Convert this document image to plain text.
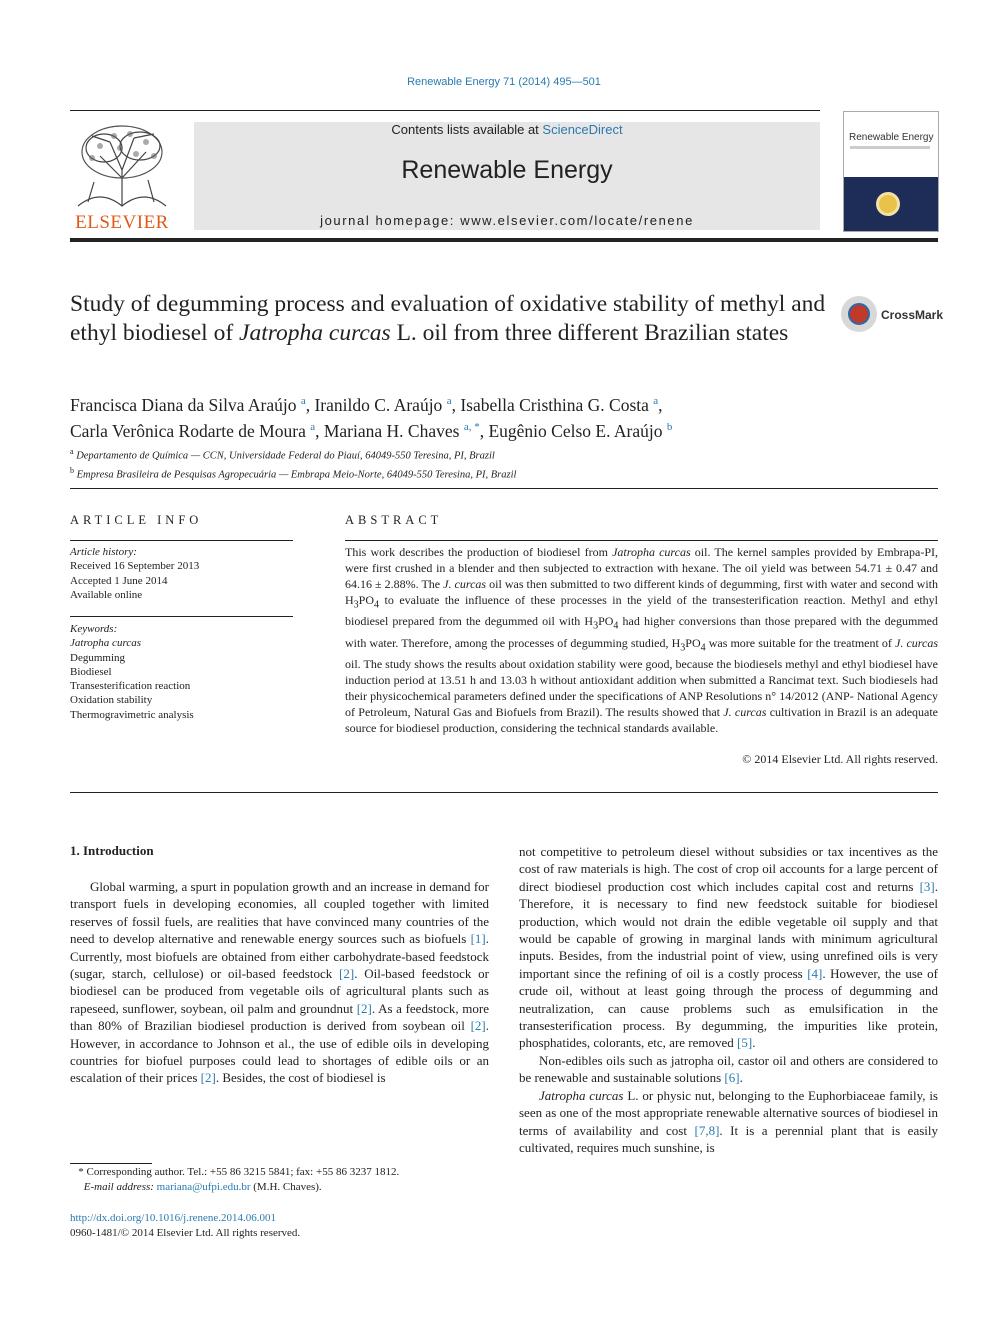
Renewable Energy 71 (2014) 495—501
ELSEVIER
Contents lists available at ScienceDirect
Renewable Energy
journal homepage: www.elsevier.com/locate/renene
Renewable Energy
Study of degumming process and evaluation of oxidative stability of methyl and ethyl biodiesel of Jatropha curcas L. oil from three different Brazilian states
CrossMark
Francisca Diana da Silva Araújo $^a$, Iranildo C. Araújo $^a$, Isabella Cristhina G. Costa $^a$,
Carla Verônica Rodarte de Moura $^a$, Mariana H. Chaves $^{a, *}$, Eugênio Celso E. Araújo $^b$
$^a$ Departamento de Química — CCN, Universidade Federal do Piauí, 64049-550 Teresina, PI, Brazil
$^b$ Empresa Brasileira de Pesquisas Agropecuária — Embrapa Meio-Norte, 64049-550 Teresina, PI, Brazil
ARTICLE INFO
Article history:
Received 16 September 2013
Accepted 1 June 2014
Available online
Keywords:
Jatropha curcas
Degumming
Biodiesel
Transesterification reaction
Oxidation stability
Thermogravimetric analysis
ABSTRACT
This work describes the production of biodiesel from Jatropha curcas oil. The kernel samples provided by Embrapa-PI, were first crushed in a blender and then subjected to extraction with hexane. The oil yield was between 54.71 ± 0.47 and 64.16 ± 2.88%. The J. curcas oil was then submitted to two different kinds of degumming, first with water and second with $H_3PO_4$ to evaluate the influence of these processes in the yield of the transesterification reaction. Methyl and ethyl biodiesel prepared from the degummed oil with $H_3PO_4$ had higher conversions than those prepared with the degummed with water. Therefore, among the processes of degumming studied, $H_3PO_4$ was more suitable for the treatment of J. curcas oil. The study shows the results about oxidation stability were good, because the biodiesels methyl and ethyl biodiesel have induction period at 13.51 h and 13.03 h without antioxidant addition when submitted a Rancimat text. Such biodiesels had their physicochemical parameters defined under the specifications of ANP Resolutions n° 14/2012 (ANP- National Agency of Petroleum, Natural Gas and Biofuels from Brazil). The results showed that J. curcas cultivation in Brazil is an adequate source for biodiesel production, considering the technical standards available.
© 2014 Elsevier Ltd. All rights reserved.
1. Introduction

Global warming, a spurt in population growth and an increase in demand for transport fuels in developing economies, all coupled together with limited reserves of fossil fuels, are realities that have convinced many countries of the need to develop alternative and renewable energy sources such as biofuels [1]. Currently, most biofuels are obtained from either carbohydrate-based feedstock (sugar, starch, cellulose) or oil-based feedstock [2]. Oil-based feedstock or biodiesel can be produced from vegetable oils of agricultural plants such as rapeseed, sunflower, soybean, oil palm and groundnut [2]. As a feedstock, more than 80% of Brazilian biodiesel production is derived from soybean oil [2]. However, in accordance to Johnson et al., the use of edible oils in developing countries for biofuel purposes could lead to shortages of edible oils or an escalation of their prices [2]. Besides, the cost of biodiesel is

not competitive to petroleum diesel without subsidies or tax incentives as the cost of raw materials is high. The cost of crop oil accounts for a large percent of direct biodiesel production cost which includes capital cost and returns [3]. Therefore, it is necessary to find new feedstock suitable for biodiesel production, which would not drain the edible vegetable oil supply and that would be capable of growing in marginal lands with minimum agricultural inputs. Besides, from the industrial point of view, using unrefined oils is very important since the refining of oil is a costly process [4]. However, the use of crude oil, without at least going through the process of degumming and neutralization, can cause problems such as emulsification in the transesterification process. By degumming, the impurities like protein, phosphatides, colorants, etc, are removed [5].

Non-edibles oils such as jatropha oil, castor oil and others are considered to be renewable and sustainable solutions [6].

Jatropha curcas L. or physic nut, belonging to the Euphorbiaceae family, is seen as one of the most appropriate renewable alternative sources of biodiesel in terms of availability and cost [7,8]. It is a perennial plant that is easily cultivated, requires much sunshine, is

* Corresponding author. Tel.: +55 86 3215 5841; fax: +55 86 3237 1812.
E-mail address: mariana@ufpi.edu.br (M.H. Chaves).
http://dx.doi.org/10.1016/j.renene.2014.06.001
0960-1481/© 2014 Elsevier Ltd. All rights reserved.
